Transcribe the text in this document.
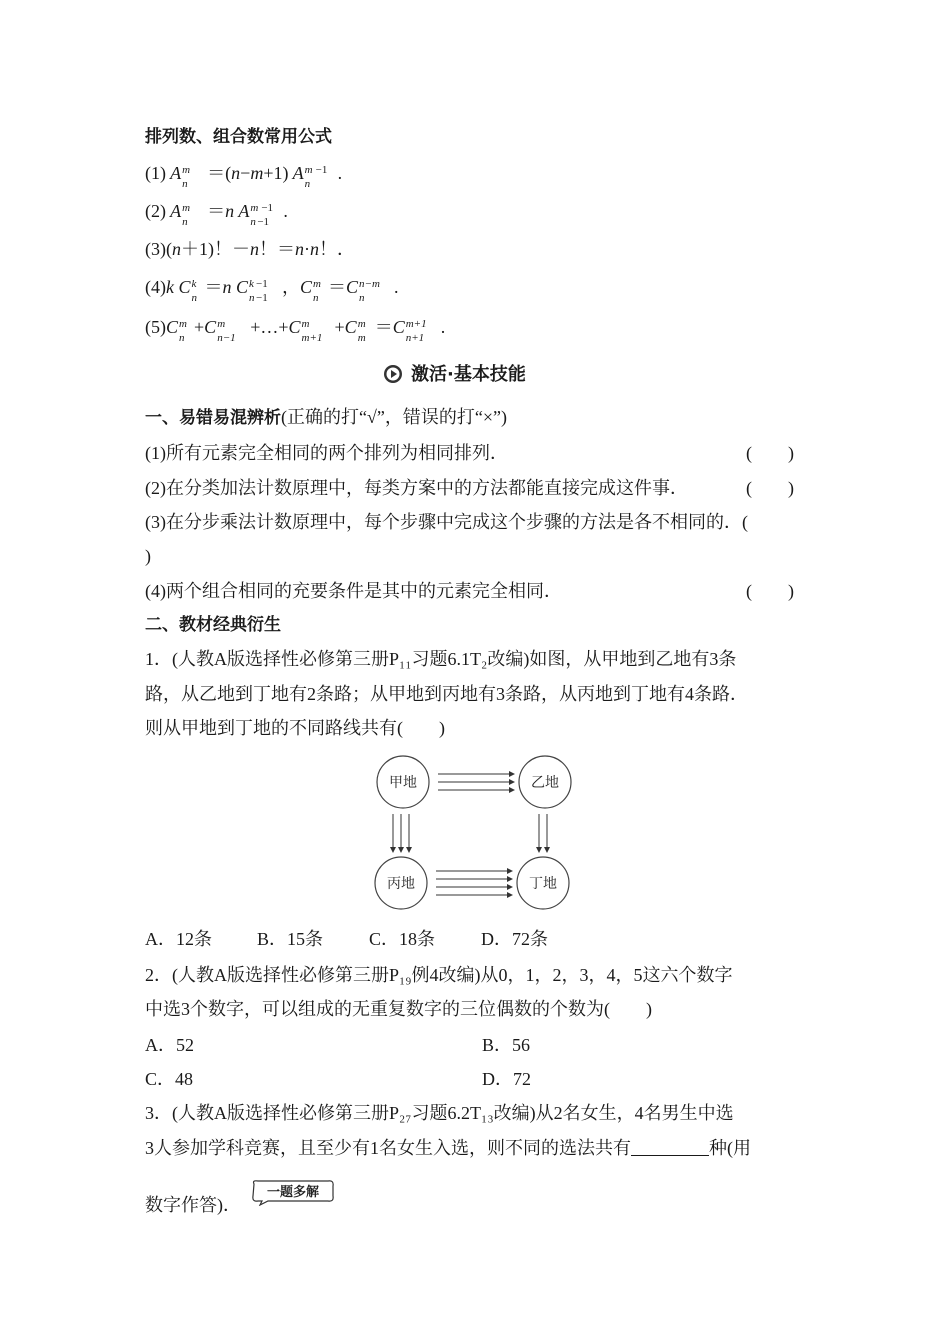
排列数、组合数常用公式
(1) A m
n
＝(n−m+1) A m −1
n
.
(2) A m
n
＝n A m −1
n −1
.
(3)(n＋1)！－n！＝n·n！．
(4)k C k
n
＝n C k −1
n −1
，C m
n
＝C n−m
n
.
(5)C m
n
+C m
n−1
+…+C m
m+1
+C m
m
＝C m+1
n+1
.
激活·基本技能
一、易错易混辨析(正确的打“√”，错误的打“×”)
(1)所有元素完全相同的两个排列为相同排列．	(　　)
(2)在分类加法计数原理中，每类方案中的方法都能直接完成这件事．	(　　)
(3)在分步乘法计数原理中，每个步骤中完成这个步骤的方法是各不相同的．(
)
(4)两个组合相同的充要条件是其中的元素完全相同．	(　　)
二、教材经典衍生
1．(人教A版选择性必修第三册P₁₁习题6.1T₂改编)如图，从甲地到乙地有3条
路，从乙地到丁地有2条路；从甲地到丙地有3条路，从丙地到丁地有4条路．
则从甲地到丁地的不同路线共有(　　)
甲地	乙地
丙地	丁地
A．12条	B．15条	C．18条	D．72条
2．(人教A版选择性必修第三册P₁₉例4改编)从0，1，2，3，4，5这六个数字
中选3个数字，可以组成的无重复数字的三位偶数的个数为(　　)
A．52	B．56
C．48	D．72
3．(人教A版选择性必修第三册P₂₇习题6.2T₁₃改编)从2名女生，4名男生中选
3人参加学科竞赛，且至少有1名女生入选，则不同的选法共有	种(用
数字作答)．
一题多解
